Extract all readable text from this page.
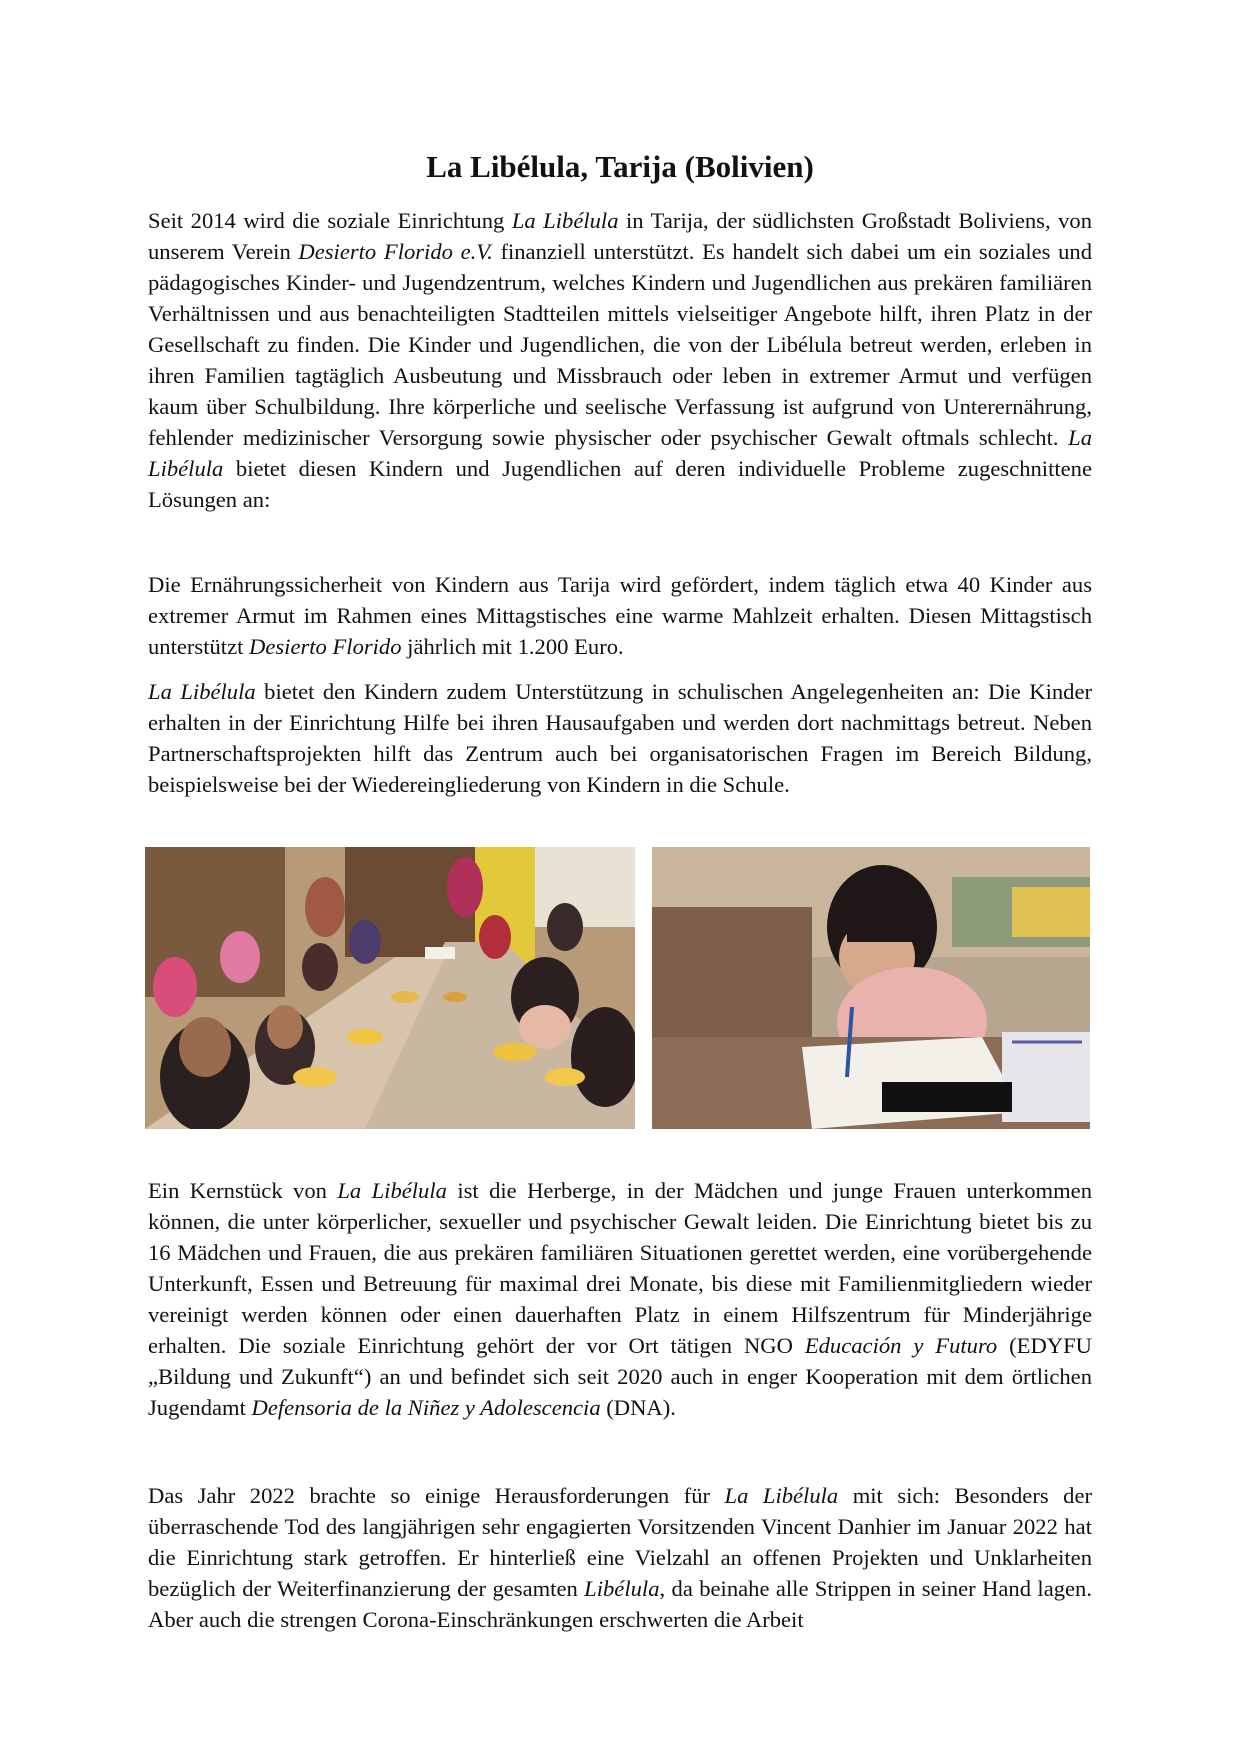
La Libélula, Tarija (Bolivien)

Seit 2014 wird die soziale Einrichtung La Libélula in Tarija, der südlichsten Großstadt Boliviens, von unserem Verein Desierto Florido e.V. finanziell unterstützt. Es handelt sich dabei um ein soziales und pädagogisches Kinder- und Jugendzentrum, welches Kindern und Jugendlichen aus prekären familiären Verhältnissen und aus benachteiligten Stadtteilen mittels vielseitiger Angebote hilft, ihren Platz in der Gesellschaft zu finden. Die Kinder und Jugendlichen, die von der Libélula betreut werden, erleben in ihren Familien tagtäglich Ausbeutung und Missbrauch oder leben in extremer Armut und verfügen kaum über Schulbildung. Ihre körperliche und seelische Verfassung ist aufgrund von Unterernährung, fehlender medizinischer Versorgung sowie physischer oder psychischer Gewalt oftmals schlecht. La Libélula bietet diesen Kindern und Jugendlichen auf deren individuelle Probleme zugeschnittene Lösungen an:

Die Ernährungssicherheit von Kindern aus Tarija wird gefördert, indem täglich etwa 40 Kinder aus extremer Armut im Rahmen eines Mittagstisches eine warme Mahlzeit erhalten. Diesen Mittagstisch unterstützt Desierto Florido jährlich mit 1.200 Euro.

La Libélula bietet den Kindern zudem Unterstützung in schulischen Angelegenheiten an: Die Kinder erhalten in der Einrichtung Hilfe bei ihren Hausaufgaben und werden dort nachmittags betreut. Neben Partnerschaftsprojekten hilft das Zentrum auch bei organisatorischen Fragen im Bereich Bildung, beispielsweise bei der Wiedereingliederung von Kindern in die Schule.

Ein Kernstück von La Libélula ist die Herberge, in der Mädchen und junge Frauen unterkommen können, die unter körperlicher, sexueller und psychischer Gewalt leiden. Die Einrichtung bietet bis zu 16 Mädchen und Frauen, die aus prekären familiären Situationen gerettet werden, eine vorübergehende Unterkunft, Essen und Betreuung für maximal drei Monate, bis diese mit Familienmitgliedern wieder vereinigt werden können oder einen dauerhaften Platz in einem Hilfszentrum für Minderjährige erhalten. Die soziale Einrichtung gehört der vor Ort tätigen NGO Educación y Futuro (EDYFU „Bildung und Zukunft“) an und befindet sich seit 2020 auch in enger Kooperation mit dem örtlichen Jugendamt Defensoria de la Niñez y Adolescencia (DNA).

Das Jahr 2022 brachte so einige Herausforderungen für La Libélula mit sich: Besonders der überraschende Tod des langjährigen sehr engagierten Vorsitzenden Vincent Danhier im Januar 2022 hat die Einrichtung stark getroffen. Er hinterließ eine Vielzahl an offenen Projekten und Unklarheiten bezüglich der Weiterfinanzierung der gesamten Libélula, da beinahe alle Strippen in seiner Hand lagen. Aber auch die strengen Corona-Einschränkungen erschwerten die Arbeit
